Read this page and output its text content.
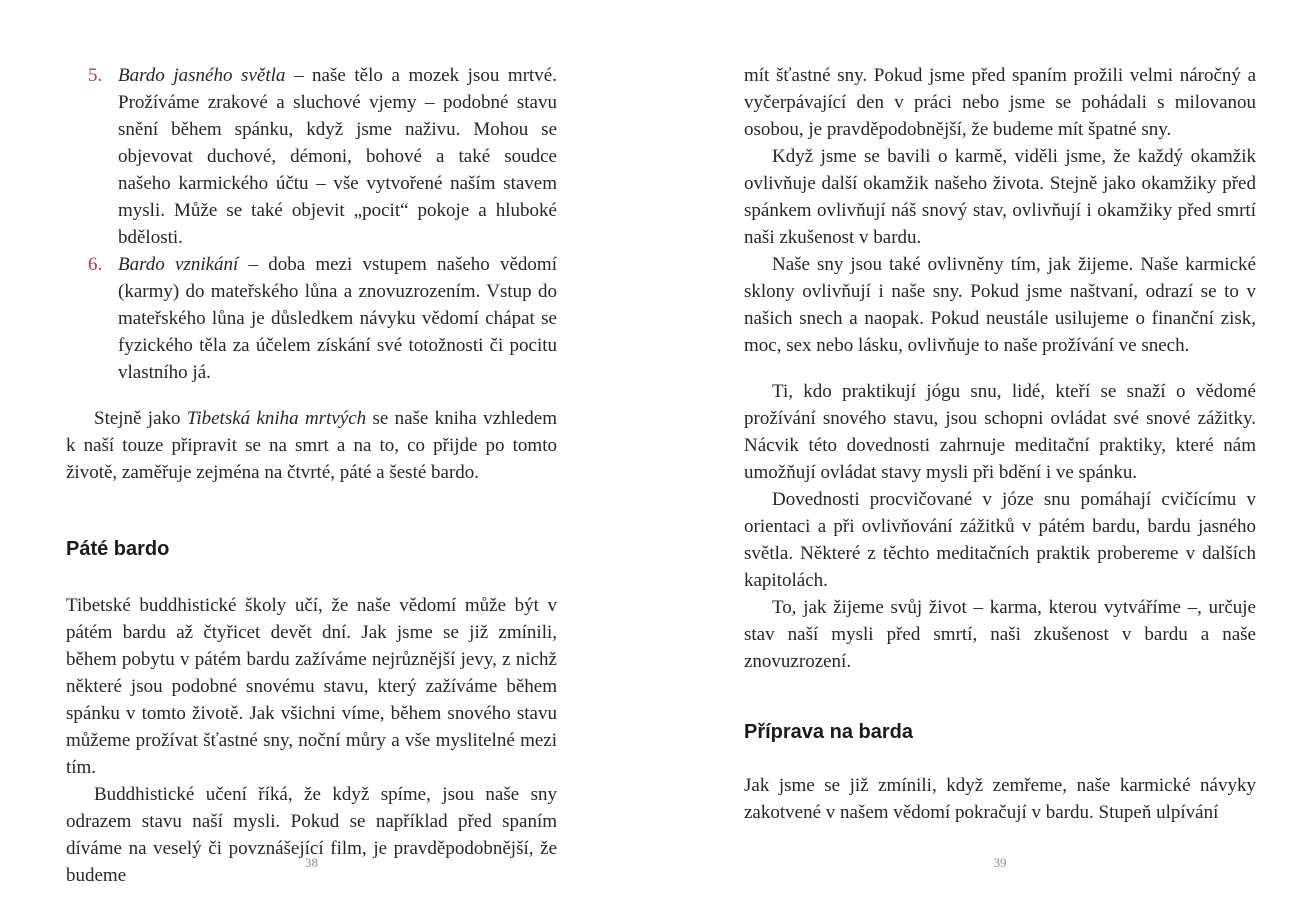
5. Bardo jasného světla – naše tělo a mozek jsou mrtvé. Prožíváme zrakové a sluchové vjemy – podobné stavu snění během spánku, když jsme naživu. Mohou se objevovat duchové, démoni, bohové a také soudce našeho karmického účtu – vše vytvořené naším stavem mysli. Může se také objevit „pocit“ pokoje a hluboké bdělosti.

6. Bardo vznikání – doba mezi vstupem našeho vědomí (karmy) do mateřského lůna a znovuzrozením. Vstup do mateřského lůna je důsledkem návyku vědomí chápat se fyzického těla za účelem získání své totožnosti či pocitu vlastního já.

Stejně jako Tibetská kniha mrtvých se naše kniha vzhledem k naší touze připravit se na smrt a na to, co přijde po tomto životě, zaměřuje zejména na čtvrté, páté a šesté bardo.

Páté bardo

Tibetské buddhistické školy učí, že naše vědomí může být v pátém bardu až čtyřicet devět dní. Jak jsme se již zmínili, během pobytu v pátém bardu zažíváme nejrůznější jevy, z nichž některé jsou podobné snovému stavu, který zažíváme během spánku v tomto životě. Jak všichni víme, během snového stavu můžeme prožívat šťastné sny, noční můry a vše myslitelné mezi tím.

Buddhistické učení říká, že když spíme, jsou naše sny odrazem stavu naší mysli. Pokud se například před spaním díváme na veselý či povznášející film, je pravděpodobnější, že budeme

38

mít šťastné sny. Pokud jsme před spaním prožili velmi náročný a vyčerpávající den v práci nebo jsme se pohádali s milovanou osobou, je pravděpodobnější, že budeme mít špatné sny.

Když jsme se bavili o karmě, viděli jsme, že každý okamžik ovlivňuje další okamžik našeho života. Stejně jako okamžiky před spánkem ovlivňují náš snový stav, ovlivňují i okamžiky před smrtí naši zkušenost v bardu.

Naše sny jsou také ovlivněny tím, jak žijeme. Naše karmické sklony ovlivňují i naše sny. Pokud jsme naštvaní, odrazí se to v našich snech a naopak. Pokud neustále usilujeme o finanční zisk, moc, sex nebo lásku, ovlivňuje to naše prožívání ve snech.

Ti, kdo praktikují jógu snu, lidé, kteří se snaží o vědomé prožívání snového stavu, jsou schopni ovládat své snové zážitky. Nácvik této dovednosti zahrnuje meditační praktiky, které nám umožňují ovládat stavy mysli při bdění i ve spánku.

Dovednosti procvičované v józe snu pomáhají cvičícímu v orientaci a při ovlivňování zážitků v pátém bardu, bardu jasného světla. Některé z těchto meditačních praktik probereme v dalších kapitolách.

To, jak žijeme svůj život – karma, kterou vytváříme –, určuje stav naší mysli před smrtí, naši zkušenost v bardu a naše znovuzrození.

Příprava na barda

Jak jsme se již zmínili, když zemřeme, naše karmické návyky zakotvené v našem vědomí pokračují v bardu. Stupeň ulpívání

39
